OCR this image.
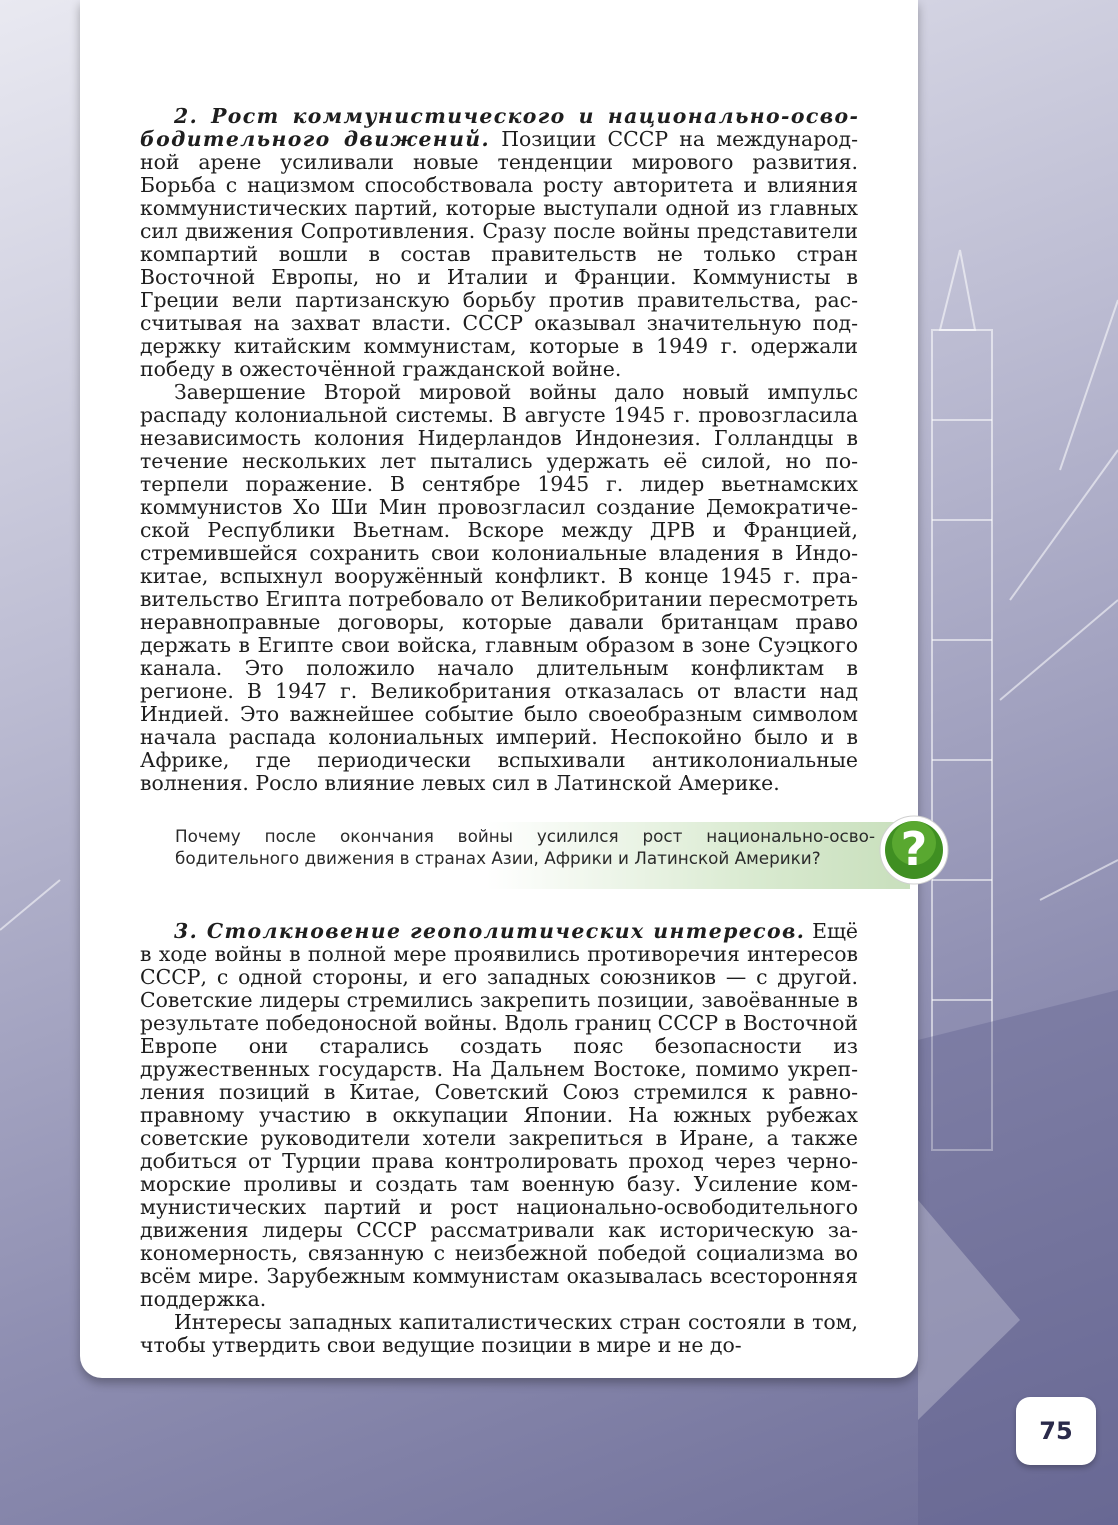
2. Рост коммунистического и национально-освободительного движений. Позиции СССР на международной арене усиливали новые тенденции мирового развития. Борьба с нацизмом способствовала росту авторитета и влияния коммунистических партий, которые выступали одной из главных сил движения Сопротивления. Сразу после войны представители компартий вошли в состав правительств не только стран Восточной Европы, но и Италии и Франции. Коммунисты в Греции вели партизанскую борьбу против правительства, рассчитывая на захват власти. СССР оказывал значительную поддержку китайским коммунистам, которые в 1949 г. одержали победу в ожесточённой гражданской войне.

Завершение Второй мировой войны дало новый импульс распаду колониальной системы. В августе 1945 г. провозгласила независимость колония Нидерландов Индонезия. Голландцы в течение нескольких лет пытались удержать её силой, но потерпели поражение. В сентябре 1945 г. лидер вьетнамских коммунистов Хо Ши Мин провозгласил создание Демократической Республики Вьетнам. Вскоре между ДРВ и Францией, стремившейся сохранить свои колониальные владения в Индокитае, вспыхнул вооружённый конфликт. В конце 1945 г. правительство Египта потребовало от Великобритании пересмотреть неравноправные договоры, которые давали британцам право держать в Египте свои войска, главным образом в зоне Суэцкого канала. Это положило начало длительным конфликтам в регионе. В 1947 г. Великобритания отказалась от власти над Индией. Это важнейшее событие было своеобразным символом начала распада колониальных империй. Неспокойно было и в Африке, где периодически вспыхивали антиколониальные волнения. Росло влияние левых сил в Латинской Америке.

Почему после окончания войны усилился рост национально-освободительного движения в странах Азии, Африки и Латинской Америки?	?

3. Столкновение геополитических интересов. Ещё в ходе войны в полной мере проявились противоречия интересов СССР, с одной стороны, и его западных союзников — с другой. Советские лидеры стремились закрепить позиции, завоёванные в результате победоносной войны. Вдоль границ СССР в Восточной Европе они старались создать пояс безопасности из дружественных государств. На Дальнем Востоке, помимо укрепления позиций в Китае, Советский Союз стремился к равноправному участию в оккупации Японии. На южных рубежах советские руководители хотели закрепиться в Иране, а также добиться от Турции права контролировать проход через черноморские проливы и создать там военную базу. Усиление коммунистических партий и рост национально-освободительного движения лидеры СССР рассматривали как историческую закономерность, связанную с неизбежной победой социализма во всём мире. Зарубежным коммунистам оказывалась всесторонняя поддержка.

Интересы западных капиталистических стран состояли в том, чтобы утвердить свои ведущие позиции в мире и не до-

75
